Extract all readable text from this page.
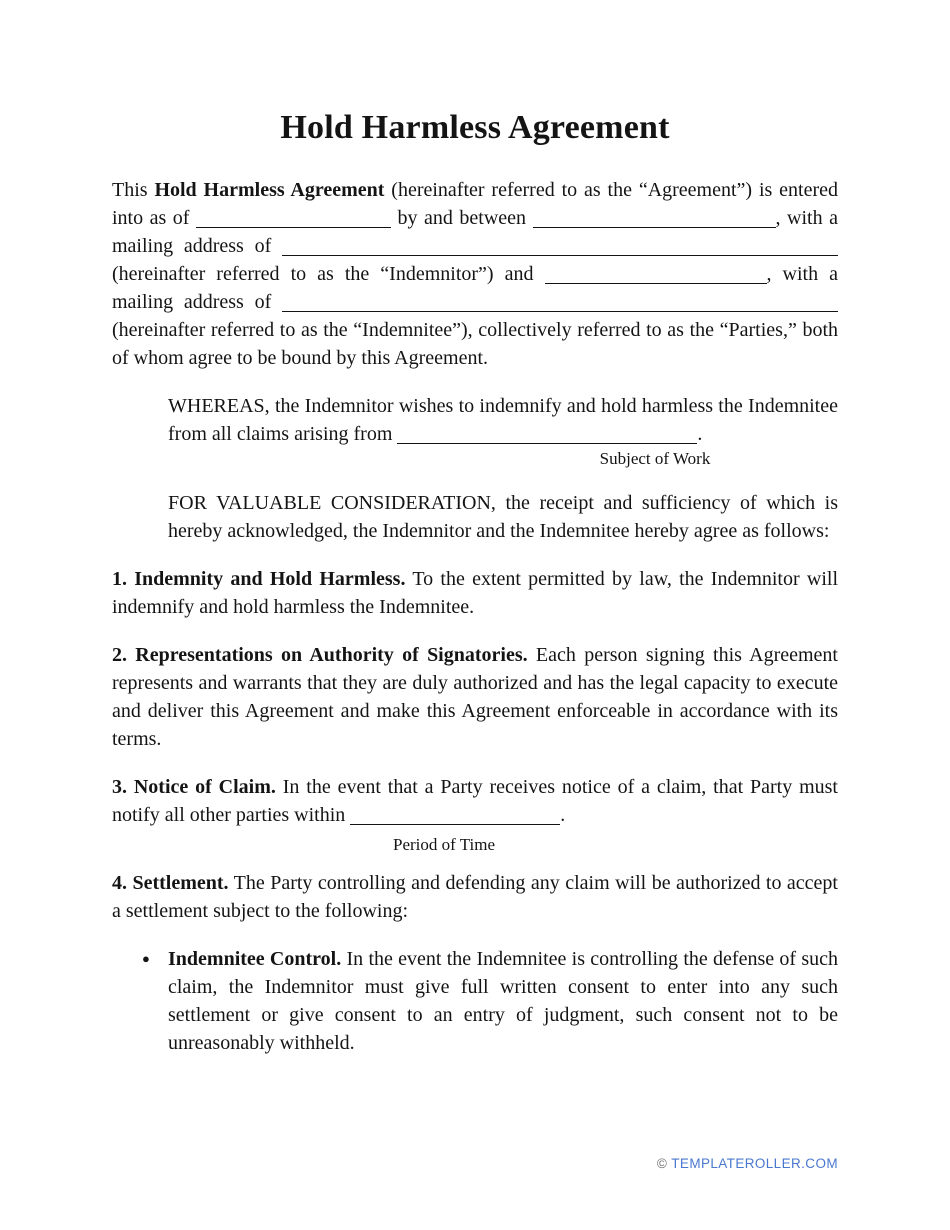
Hold Harmless Agreement

This Hold Harmless Agreement (hereinafter referred to as the “Agreement”) is entered into as of	by and between	, with a mailing address of  (hereinafter referred to as the “Indemnitor”) and	, with a mailing address of  (hereinafter referred to as the “Indemnitee”), collectively referred to as the “Parties,” both of whom agree to be bound by this Agreement.

WHEREAS, the Indemnitor wishes to indemnify and hold harmless the Indemnitee from all claims arising from	.
Subject of Work

FOR VALUABLE CONSIDERATION, the receipt and sufficiency of which is hereby acknowledged, the Indemnitor and the Indemnitee hereby agree as follows:

1. Indemnity and Hold Harmless. To the extent permitted by law, the Indemnitor will indemnify and hold harmless the Indemnitee.

2. Representations on Authority of Signatories. Each person signing this Agreement represents and warrants that they are duly authorized and has the legal capacity to execute and deliver this Agreement and make this Agreement enforceable in accordance with its terms.

3. Notice of Claim. In the event that a Party receives notice of a claim, that Party must notify all other parties within	.
Period of Time

4. Settlement. The Party controlling and defending any claim will be authorized to accept a settlement subject to the following:

● Indemnitee Control. In the event the Indemnitee is controlling the defense of such claim, the Indemnitor must give full written consent to enter into any such settlement or give consent to an entry of judgment, such consent not to be unreasonably withheld.

© TEMPLATEROLLER.COM
